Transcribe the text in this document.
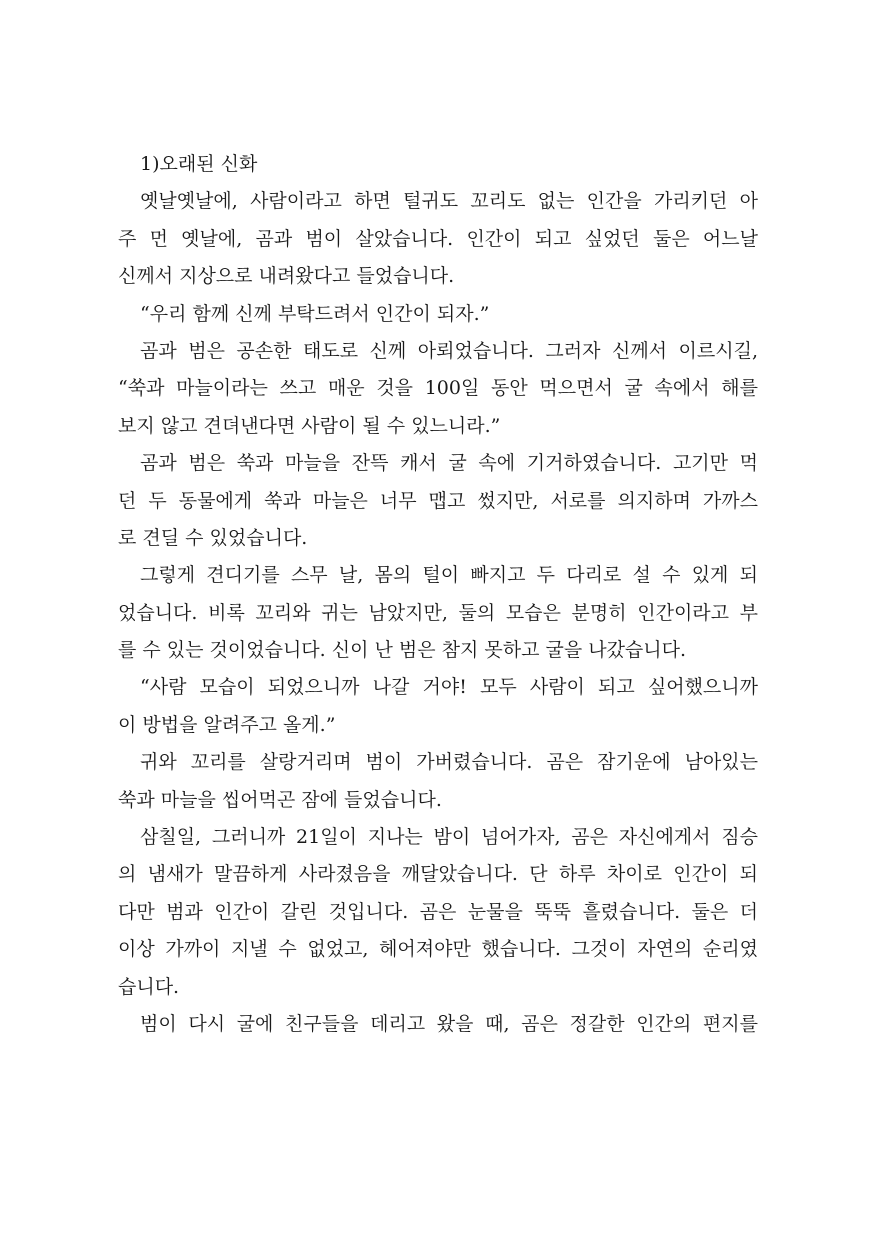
1)오래된 신화
옛날옛날에, 사람이라고 하면 털귀도 꼬리도 없는 인간을 가리키던 아
주 먼 옛날에, 곰과 범이 살았습니다. 인간이 되고 싶었던 둘은 어느날
신께서 지상으로 내려왔다고 들었습니다.
“우리 함께 신께 부탁드려서 인간이 되자.”
곰과 범은 공손한 태도로 신께 아뢰었습니다. 그러자 신께서 이르시길,
“쑥과 마늘이라는 쓰고 매운 것을 100일 동안 먹으면서 굴 속에서 해를
보지 않고 견뎌낸다면 사람이 될 수 있느니라.”
곰과 범은 쑥과 마늘을 잔뜩 캐서 굴 속에 기거하였습니다. 고기만 먹
던 두 동물에게 쑥과 마늘은 너무 맵고 썼지만, 서로를 의지하며 가까스
로 견딜 수 있었습니다.
그렇게 견디기를 스무 날, 몸의 털이 빠지고 두 다리로 설 수 있게 되
었습니다. 비록 꼬리와 귀는 남았지만, 둘의 모습은 분명히 인간이라고 부
를 수 있는 것이었습니다. 신이 난 범은 참지 못하고 굴을 나갔습니다.
“사람 모습이 되었으니까 나갈 거야! 모두 사람이 되고 싶어했으니까
이 방법을 알려주고 올게.”
귀와 꼬리를 살랑거리며 범이 가버렸습니다. 곰은 잠기운에 남아있는
쑥과 마늘을 씹어먹곤 잠에 들었습니다.
삼칠일, 그러니까 21일이 지나는 밤이 넘어가자, 곰은 자신에게서 짐승
의 냄새가 말끔하게 사라졌음을 깨달았습니다. 단 하루 차이로 인간이 되
다만 범과 인간이 갈린 것입니다. 곰은 눈물을 뚝뚝 흘렸습니다. 둘은 더
이상 가까이 지낼 수 없었고, 헤어져야만 했습니다. 그것이 자연의 순리였
습니다.
범이 다시 굴에 친구들을 데리고 왔을 때, 곰은 정갈한 인간의 편지를
